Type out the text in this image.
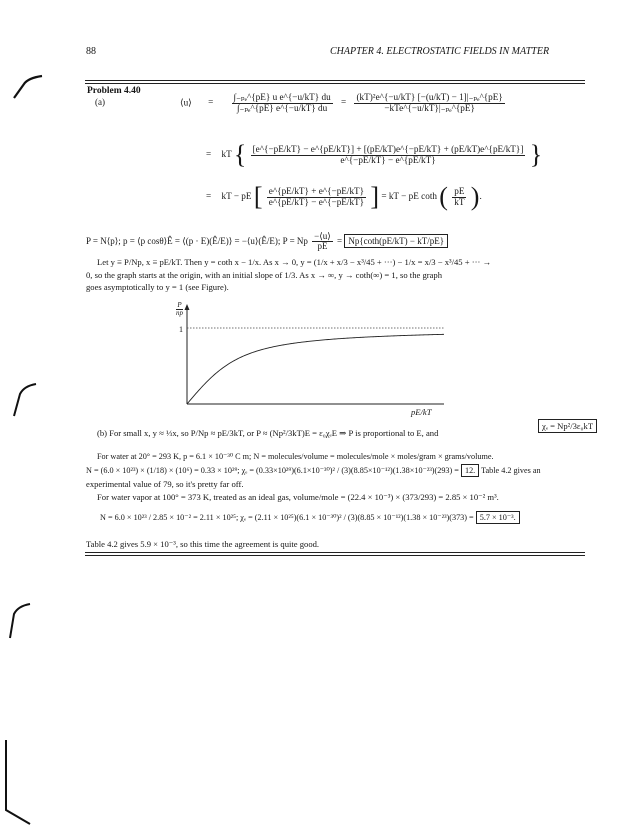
88	CHAPTER 4. ELECTROSTATIC FIELDS IN MATTER
Problem 4.40
(a)	⟨u⟩ = $\frac{\text{∫₋ₚₑ\textasciicircum{}\{pE\} u e\textasciicircum{}\{−u/kT\} du}}{\text{∫₋ₚₑ\textasciicircum{}\{pE\} e\textasciicircum{}\{−u/kT\} du}} = \frac{\text{(kT)²e\textasciicircum{}\{−u/kT\} [−(u/kT) − 1]|₋ₚₑ\textasciicircum{}\{pE\}}}{\text{−kTe\textasciicircum{}\{−u/kT\}|₋ₚₑ\textasciicircum{}\{pE\}}}$
= kT { [e^{−pE/kT} − e^{pE/kT}] + [(pE/kT)e^{−pE/kT} + (pE/kT)e^{pE/kT}]
e^{−pE/kT} − e^{pE/kT}	}
= kT − pE [ $\frac{e\^{}\{pE/kT\} + e\^{}\{-pE/kT\}}{e\^{}\{pE/kT\} - e\^{}\{-pE/kT\}}$ ] = kT − pE coth ( $\frac{pE}{kT}$ ).
P = N⟨p⟩; p = ⟨p cosθ⟩Ê = ⟨(p · E)(Ê/E)⟩ = −⟨u⟩(Ê/E); P = Np $\frac{-⟨u⟩}{pE} = Np\{\cot h(pE/kT) - kT/pE\}$
Let y ≡ P/Np, x ≡ pE/kT. Then y = coth x − 1/x. As x → 0, y = (1/x + x/3 − x³/45 + ···) − 1/x = x/3 − x³/45 + ··· →
0, so the graph starts at the origin, with an initial slope of 1/3. As x → ∞, y → coth(∞) = 1, so the graph
goes asymptotically to y = 1 (see Figure).
P
np
1
pE/kT
(b) For small x, y ≈ ⅓x, so P/Np ≈ pE/3kT, or P ≈ (Np²/3kT)E = ε₀χₑE ⇒ P is proportional to E, and
χₑ = Np²/3ε₀kT
For water at 20° = 293 K, p = 6.1 × 10⁻³⁰ C m; N = molecules/volume = molecules/mole × moles/gram × grams/volume.
N = (6.0 × 10²³) × (1/18) × (10⁶) = 0.33 × 10²⁹; χₑ = (0.33×10²⁹)(6.1×10⁻³⁰)² / (3)(8.85×10⁻¹²)(1.38×10⁻²³)(293) = 12. Table 4.2 gives an
experimental value of 79, so it's pretty far off.
For water vapor at 100° = 373 K, treated as an ideal gas, volume/mole = (22.4 × 10⁻³) × (373/293) = 2.85 × 10⁻² m³.
N = 6.0 × 10²³ / 2.85 × 10⁻² = 2.11 × 10²⁵; χₑ = (2.11 × 10²⁵)(6.1 × 10⁻³⁰)² / (3)(8.85 × 10⁻¹²)(1.38 × 10⁻²³)(373) = 5.7 × 10⁻³.
Table 4.2 gives 5.9 × 10⁻³, so this time the agreement is quite good.
